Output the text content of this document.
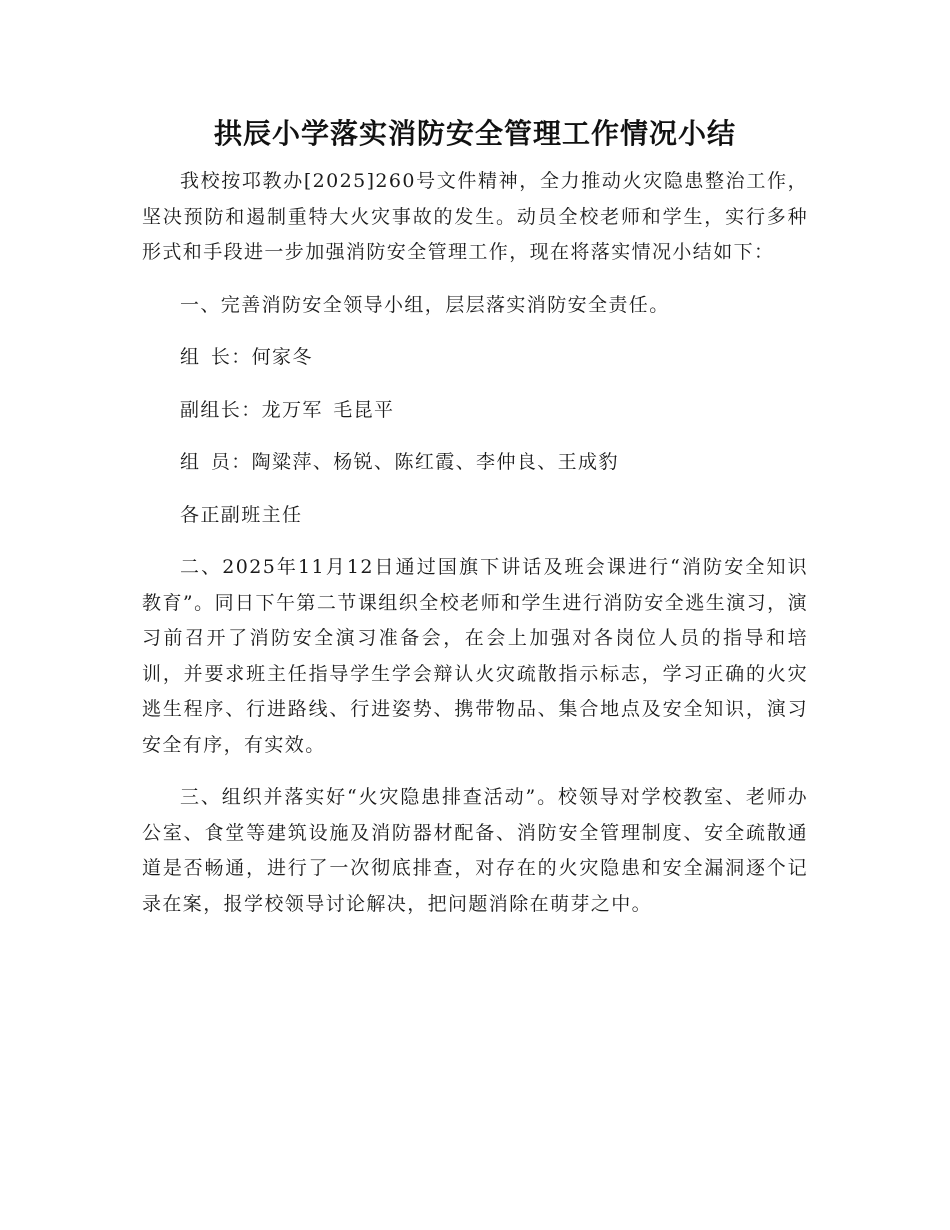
拱辰小学落实消防安全管理工作情况小结

我校按邛教办[2025]260号文件精神，全力推动火灾隐患整治工作，坚决预防和遏制重特大火灾事故的发生。动员全校老师和学生，实行多种形式和手段进一步加强消防安全管理工作，现在将落实情况小结如下：

一、完善消防安全领导小组，层层落实消防安全责任。

组 长：何家冬

副组长：龙万军 毛昆平

组 员：陶粱萍、杨锐、陈红霞、李仲良、王成豹

各正副班主任

二、2025年11月12日通过国旗下讲话及班会课进行“消防安全知识教育”。同日下午第二节课组织全校老师和学生进行消防安全逃生演习，演习前召开了消防安全演习准备会，在会上加强对各岗位人员的指导和培训，并要求班主任指导学生学会辩认火灾疏散指示标志，学习正确的火灾逃生程序、行进路线、行进姿势、携带物品、集合地点及安全知识，演习安全有序，有实效。

三、组织并落实好“火灾隐患排查活动”。校领导对学校教室、老师办公室、食堂等建筑设施及消防器材配备、消防安全管理制度、安全疏散通道是否畅通，进行了一次彻底排查，对存在的火灾隐患和安全漏洞逐个记录在案，报学校领导讨论解决，把问题消除在萌芽之中。
